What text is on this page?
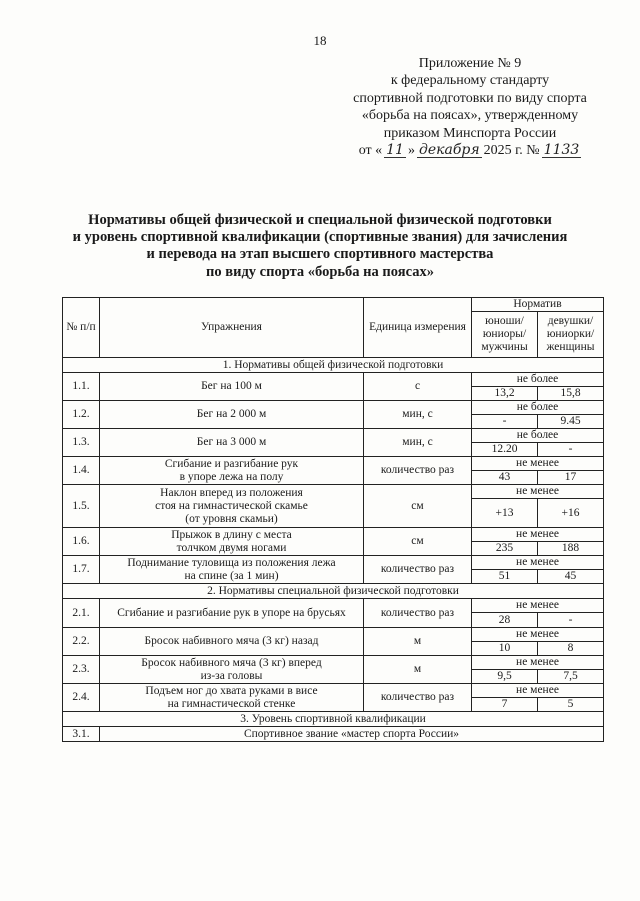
18
Приложение № 9
к федеральному стандарту
спортивной подготовки по виду спорта
«борьба на поясах», утвержденному
приказом Минспорта России
от « 11 » декабря 2025 г. № 1133
Нормативы общей физической и специальной физической подготовки
и уровень спортивной квалификации (спортивные звания) для зачисления
и перевода на этап высшего спортивного мастерства
по виду спорта «борьба на поясах»
№ п/п	Упражнения	Единица измерения	Норматив	
			юноши/ юниоры/ мужчины	девушки/ юниорки/ женщины
1. Нормативы общей физической подготовки				
1.1.	Бег на 100 м	с	не более	
			13,2	15,8
1.2.	Бег на 2 000 м	мин, с	не более	
			-	9.45
1.3.	Бег на 3 000 м	мин, с	не более	
			12.20	-
1.4.	Сгибание и разгибание рук
в упоре лежа на полу	количество раз	не менее	
			43	17
1.5.	Наклон вперед из положения
стоя на гимнастической скамье
(от уровня скамьи)	см	не менее	
			+13	+16
1.6.	Прыжок в длину с места
толчком двумя ногами	см	не менее	
			235	188
1.7.	Поднимание туловища из положения лежа
на спине (за 1 мин)	количество раз	не менее	
			51	45
2. Нормативы специальной физической подготовки				
2.1.	Сгибание и разгибание рук в упоре на брусьях	количество раз	не менее	
			28	-
2.2.	Бросок набивного мяча (3 кг) назад	м	не менее	
			10	8
2.3.	Бросок набивного мяча (3 кг) вперед
из-за головы	м	не менее	
			9,5	7,5
2.4.	Подъем ног до хвата руками в висе
на гимнастической стенке	количество раз	не менее	
			7	5
3. Уровень спортивной квалификации				
3.1.	Спортивное звание «мастер спорта России»			
